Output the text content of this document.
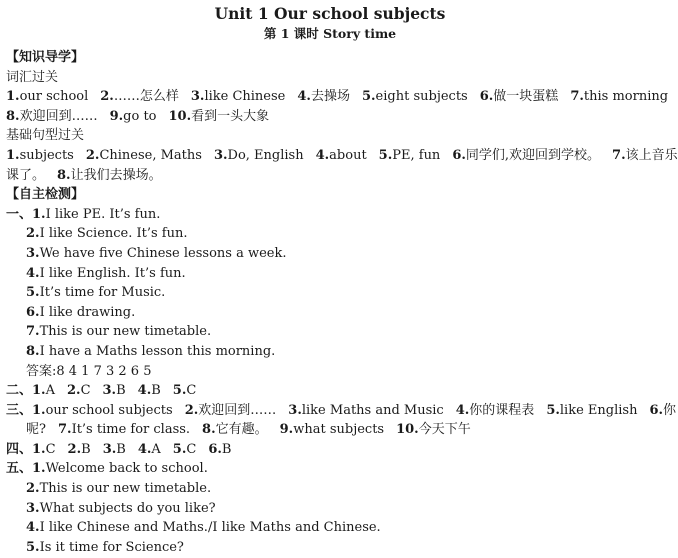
Unit 1 Our school subjects
第 1 课时 Story time
【知识导学】
词汇过关
1.our school 2.……怎么样 3.like Chinese 4.去操场 5.eight subjects 6.做一块蛋糕 7.this morning
8.欢迎回到…… 9.go to 10.看到一头大象
基础句型过关
1.subjects 2.Chinese, Maths 3.Do, English 4.about 5.PE, fun 6.同学们,欢迎回到学校。 7.该上音乐
课了。 8.让我们去操场。
【自主检测】
一、1.I like PE. It’s fun.
2.I like Science. It’s fun.
3.We have five Chinese lessons a week.
4.I like English. It’s fun.
5.It’s time for Music.
6.I like drawing.
7.This is our new timetable.
8.I have a Maths lesson this morning.
答案:8 4 1 7 3 2 6 5
二、1.A 2.C 3.B 4.B 5.C
三、1.our school subjects 2.欢迎回到…… 3.like Maths and Music 4.你的课程表 5.like English 6.你
呢? 7.It’s time for class. 8.它有趣。 9.what subjects 10.今天下午
四、1.C 2.B 3.B 4.A 5.C 6.B
五、1.Welcome back to school.
2.This is our new timetable.
3.What subjects do you like?
4.I like Chinese and Maths./I like Maths and Chinese.
5.Is it time for Science?
